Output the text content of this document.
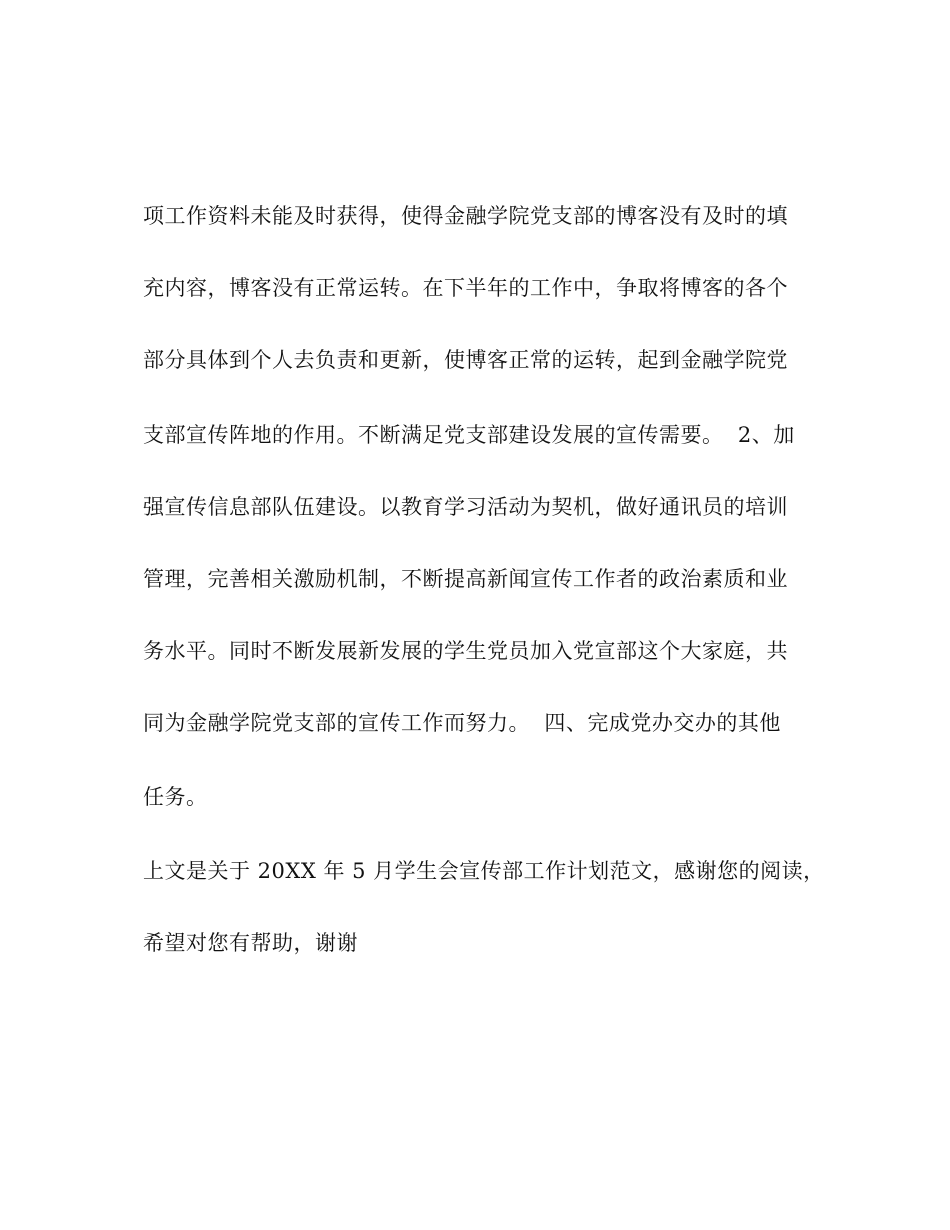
项工作资料未能及时获得，使得金融学院党支部的博客没有及时的填
充内容，博客没有正常运转。在下半年的工作中，争取将博客的各个
部分具体到个人去负责和更新，使博客正常的运转，起到金融学院党
支部宣传阵地的作用。不断满足党支部建设发展的宣传需要。  2、加
强宣传信息部队伍建设。以教育学习活动为契机，做好通讯员的培训
管理，完善相关激励机制，不断提高新闻宣传工作者的政治素质和业
务水平。同时不断发展新发展的学生党员加入党宣部这个大家庭，共
同为金融学院党支部的宣传工作而努力。  四、完成党办交办的其他
任务。
上文是关于 20XX 年 5 月学生会宣传部工作计划范文，感谢您的阅读，
希望对您有帮助，谢谢
